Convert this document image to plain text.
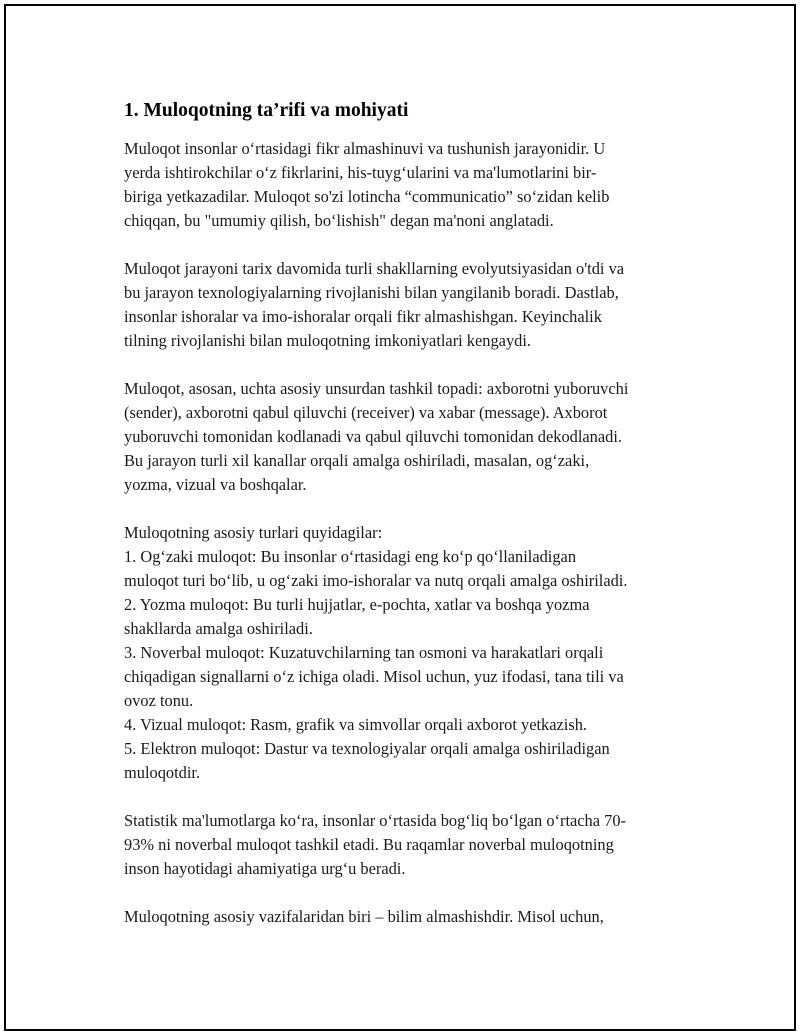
1. Muloqotning ta’rifi va mohiyati
Muloqot insonlar oʻrtasidagi fikr almashinuvi va tushunish jarayonidir. U
yerda ishtirokchilar oʻz fikrlarini, his-tuygʻularini va ma'lumotlarini bir-
biriga yetkazadilar. Muloqot so'zi lotincha “communicatio” soʻzidan kelib
chiqqan, bu "umumiy qilish, boʻlishish" degan ma'noni anglatadi.
Muloqot jarayoni tarix davomida turli shakllarning evolyutsiyasidan o'tdi va
bu jarayon texnologiyalarning rivojlanishi bilan yangilanib boradi. Dastlab,
insonlar ishoralar va imo-ishoralar orqali fikr almashishgan. Keyinchalik
tilning rivojlanishi bilan muloqotning imkoniyatlari kengaydi.
Muloqot, asosan, uchta asosiy unsurdan tashkil topadi: axborotni yuboruvchi
(sender), axborotni qabul qiluvchi (receiver) va xabar (message). Axborot
yuboruvchi tomonidan kodlanadi va qabul qiluvchi tomonidan dekodlanadi.
Bu jarayon turli xil kanallar orqali amalga oshiriladi, masalan, ogʻzaki,
yozma, vizual va boshqalar.
Muloqotning asosiy turlari quyidagilar:
1. Ogʻzaki muloqot: Bu insonlar oʻrtasidagi eng koʻp qoʻllaniladigan
muloqot turi boʻlib, u ogʻzaki imo-ishoralar va nutq orqali amalga oshiriladi.
2. Yozma muloqot: Bu turli hujjatlar, e-pochta, xatlar va boshqa yozma
shakllarda amalga oshiriladi.
3. Noverbal muloqot: Kuzatuvchilarning tan osmoni va harakatlari orqali
chiqadigan signallarni oʻz ichiga oladi. Misol uchun, yuz ifodasi, tana tili va
ovoz tonu.
4. Vizual muloqot: Rasm, grafik va simvollar orqali axborot yetkazish.
5. Elektron muloqot: Dastur va texnologiyalar orqali amalga oshiriladigan
muloqotdir.
Statistik ma'lumotlarga koʻra, insonlar oʻrtasida bogʻliq boʻlgan oʻrtacha 70-
93% ni noverbal muloqot tashkil etadi. Bu raqamlar noverbal muloqotning
inson hayotidagi ahamiyatiga urgʻu beradi.
Muloqotning asosiy vazifalaridan biri – bilim almashishdir. Misol uchun,
